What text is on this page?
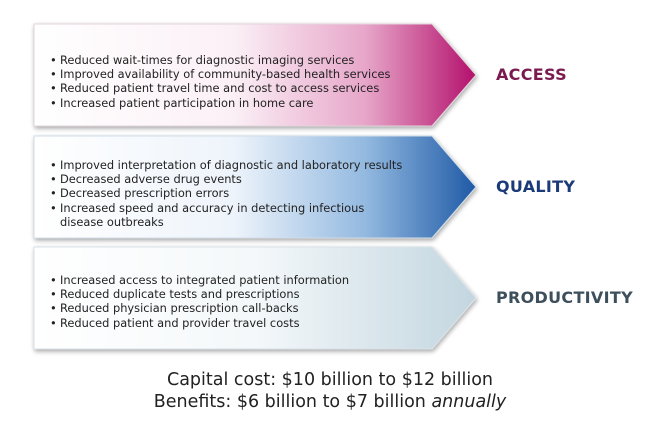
• Reduced wait-times for diagnostic imaging services
• Improved availability of community-based health services
• Reduced patient travel time and cost to access services
• Increased patient participation in home care
ACCESS
• Improved interpretation of diagnostic and laboratory results
• Decreased adverse drug events
• Decreased prescription errors
• Increased speed and accuracy in detecting infectious
disease outbreaks
QUALITY
• Increased access to integrated patient information
• Reduced duplicate tests and prescriptions
• Reduced physician prescription call-backs
• Reduced patient and provider travel costs
PRODUCTIVITY
Capital cost: $10 billion to $12 billion
Benefits: $6 billion to $7 billion annually
